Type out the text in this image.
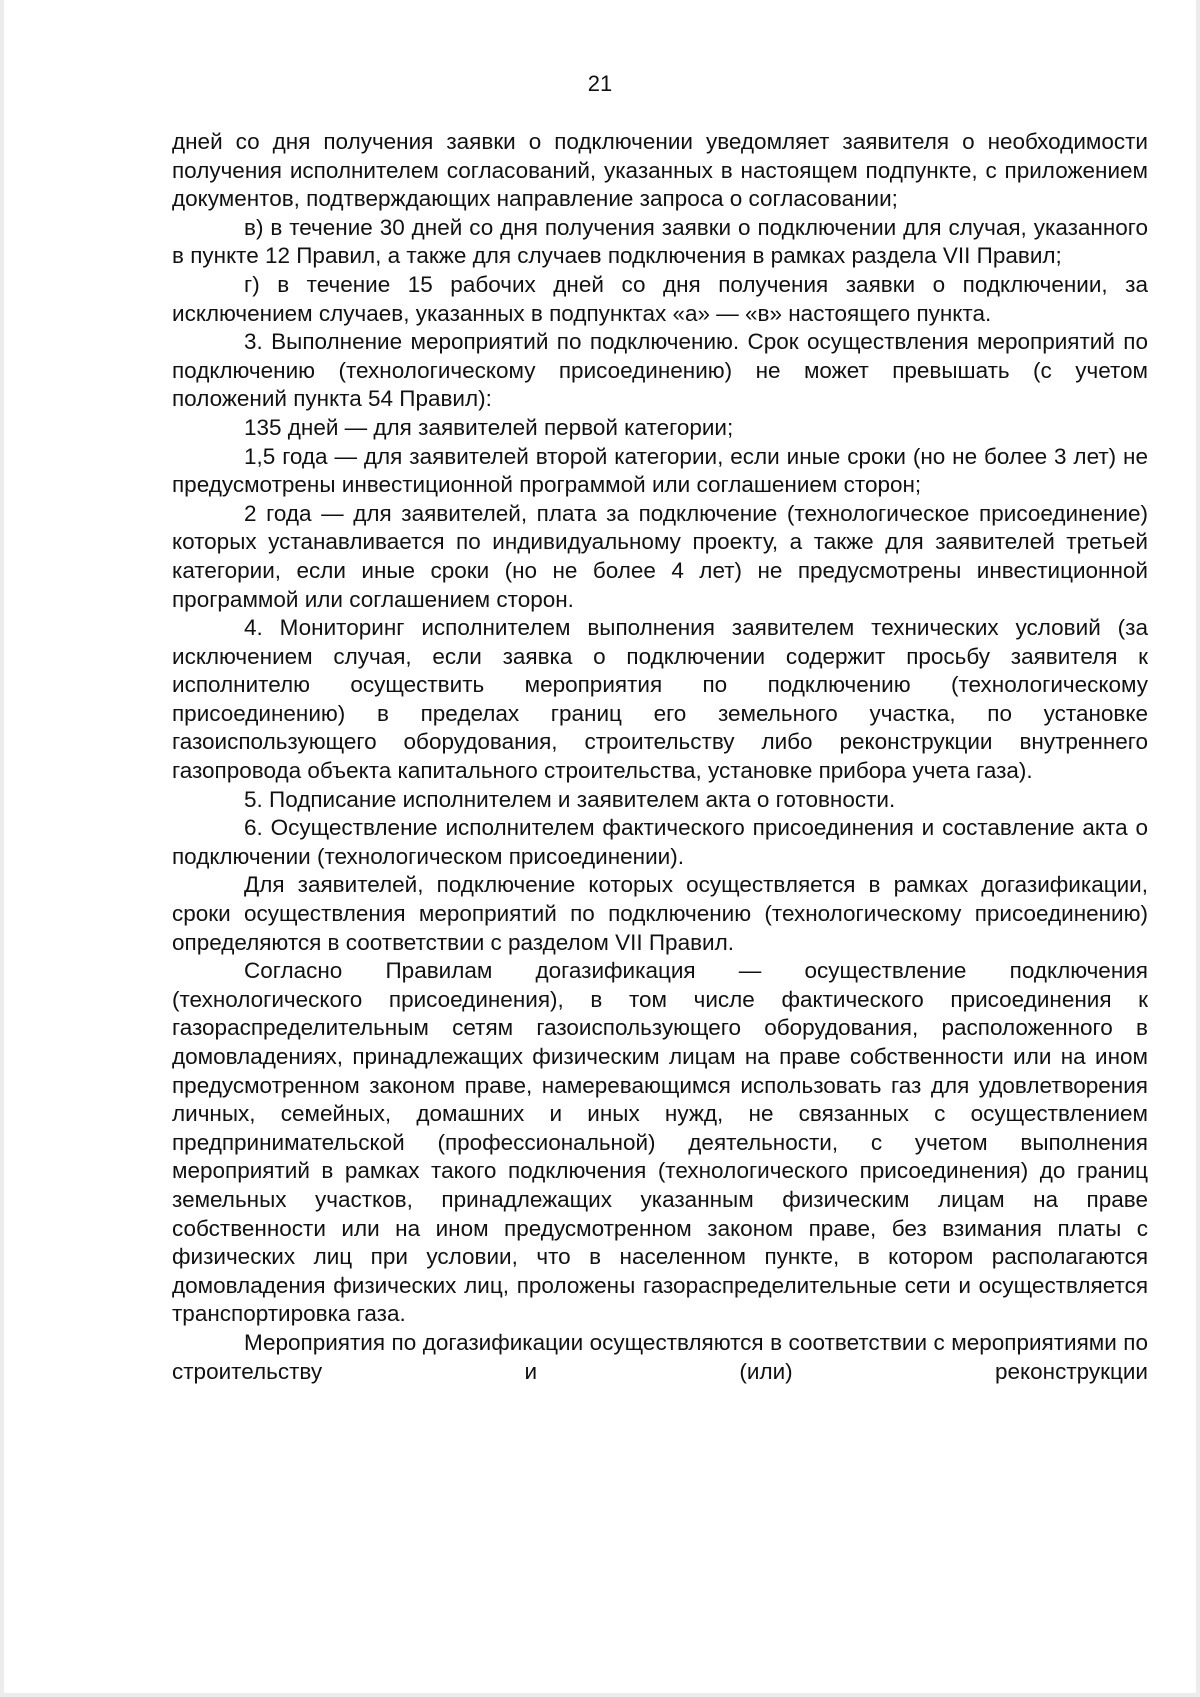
21

дней со дня получения заявки о подключении уведомляет заявителя о необходимости получения исполнителем согласований, указанных в настоящем подпункте, с приложением документов, подтверждающих направление запроса о согласовании;

в) в течение 30 дней со дня получения заявки о подключении для случая, указанного в пункте 12 Правил, а также для случаев подключения в рамках раздела VII Правил;

г) в течение 15 рабочих дней со дня получения заявки о подключении, за исключением случаев, указанных в подпунктах «а» — «в» настоящего пункта.

3. Выполнение мероприятий по подключению. Срок осуществления мероприятий по подключению (технологическому присоединению) не может превышать (с учетом положений пункта 54 Правил):

135 дней — для заявителей первой категории;

1,5 года — для заявителей второй категории, если иные сроки (но не более 3 лет) не предусмотрены инвестиционной программой или соглашением сторон;

2 года — для заявителей, плата за подключение (технологическое присоединение) которых устанавливается по индивидуальному проекту, а также для заявителей третьей категории, если иные сроки (но не более 4 лет) не предусмотрены инвестиционной программой или соглашением сторон.

4. Мониторинг исполнителем выполнения заявителем технических условий (за исключением случая, если заявка о подключении содержит просьбу заявителя к исполнителю осуществить мероприятия по подключению (технологическому присоединению) в пределах границ его земельного участка, по установке газоиспользующего оборудования, строительству либо реконструкции внутреннего газопровода объекта капитального строительства, установке прибора учета газа).

5. Подписание исполнителем и заявителем акта о готовности.

6. Осуществление исполнителем фактического присоединения и составление акта о подключении (технологическом присоединении).

Для заявителей, подключение которых осуществляется в рамках догазификации, сроки осуществления мероприятий по подключению (технологическому присоединению) определяются в соответствии с разделом VII Правил.

Согласно Правилам догазификация — осуществление подключения (технологического присоединения), в том числе фактического присоединения к газораспределительным сетям газоиспользующего оборудования, расположенного в домовладениях, принадлежащих физическим лицам на праве собственности или на ином предусмотренном законом праве, намеревающимся использовать газ для удовлетворения личных, семейных, домашних и иных нужд, не связанных с осуществлением предпринимательской (профессиональной) деятельности, с учетом выполнения мероприятий в рамках такого подключения (технологического присоединения) до границ земельных участков, принадлежащих указанным физическим лицам на праве собственности или на ином предусмотренном законом праве, без взимания платы с физических лиц при условии, что в населенном пункте, в котором располагаются домовладения физических лиц, проложены газораспределительные сети и осуществляется транспортировка газа.

Мероприятия по догазификации осуществляются в соответствии с мероприятиями по строительству и (или) реконструкции
